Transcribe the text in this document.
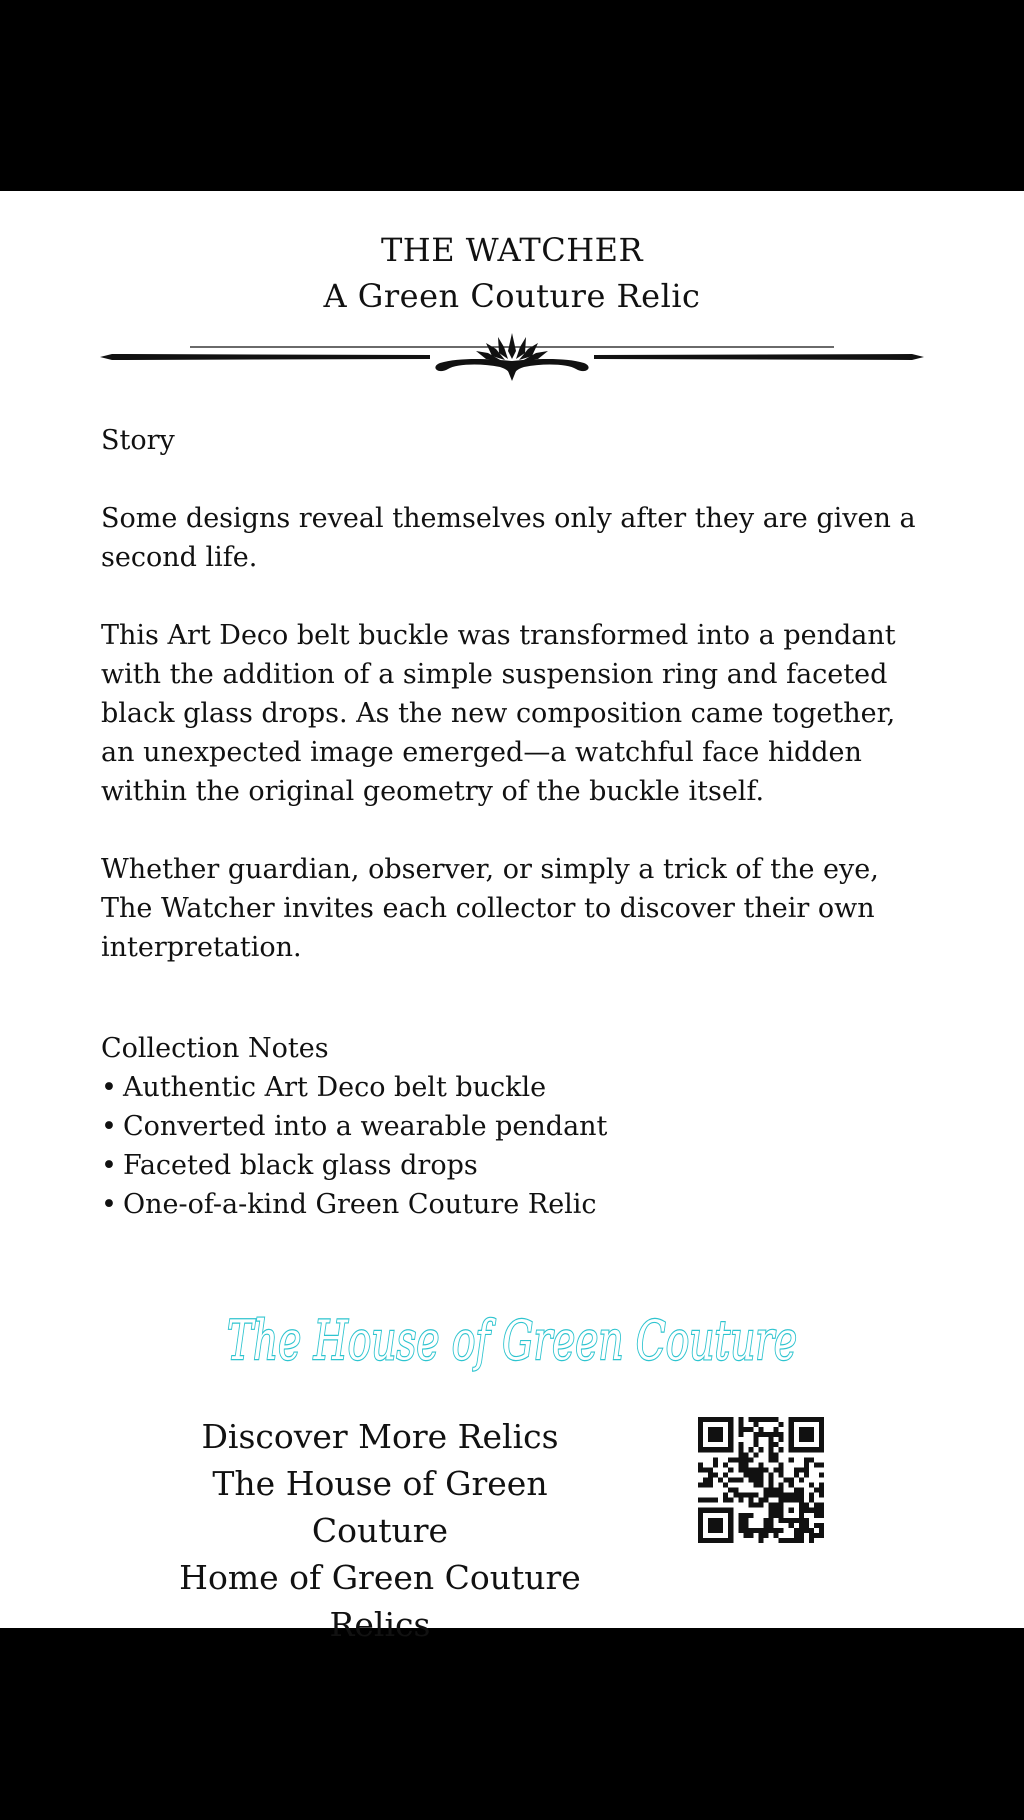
THE WATCHER
A Green Couture Relic

Story

Some designs reveal themselves only after they are given a second life.

This Art Deco belt buckle was transformed into a pendant with the addition of a simple suspension ring and faceted black glass drops. As the new composition came together, an unexpected image emerged—a watchful face hidden within the original geometry of the buckle itself.

Whether guardian, observer, or simply a trick of the eye, The Watcher invites each collector to discover their own interpretation.

Collection Notes
• Authentic Art Deco belt buckle
• Converted into a wearable pendant
• Faceted black glass drops
• One-of-a-kind Green Couture Relic
The House of Green Couture
Discover More Relics
The House of Green Couture
Home of Green Couture Relics
